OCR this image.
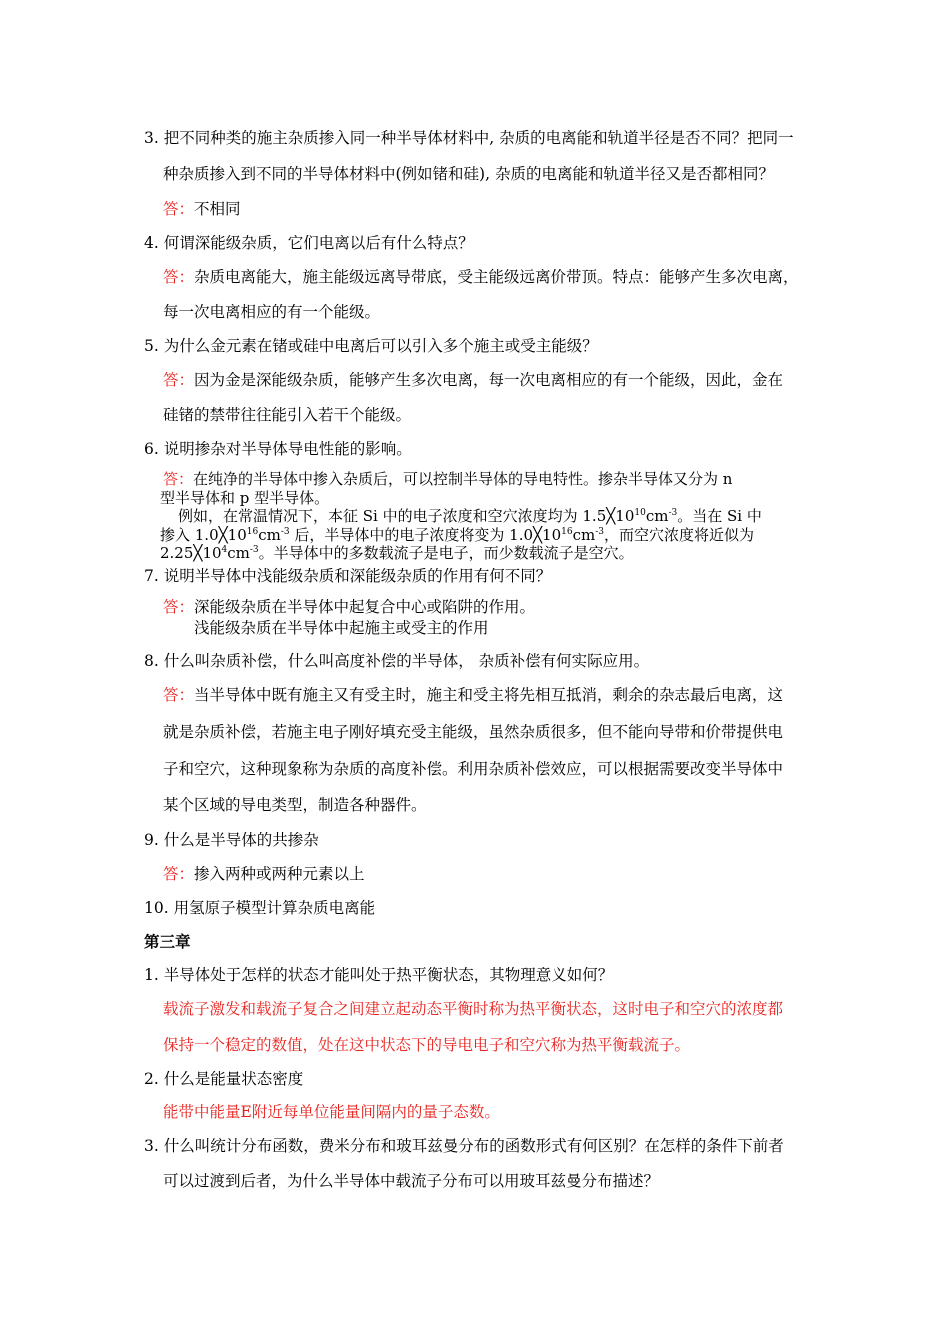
3. 把不同种类的施主杂质掺入同一种半导体材料中, 杂质的电离能和轨道半径是否不同？把同一
种杂质掺入到不同的半导体材料中(例如锗和硅), 杂质的电离能和轨道半径又是否都相同？
答：不相同
4. 何谓深能级杂质，它们电离以后有什么特点？
答：杂质电离能大，施主能级远离导带底，受主能级远离价带顶。特点：能够产生多次电离，
每一次电离相应的有一个能级。
5. 为什么金元素在锗或硅中电离后可以引入多个施主或受主能级？
答：因为金是深能级杂质，能够产生多次电离，每一次电离相应的有一个能级，因此，金在
硅锗的禁带往往能引入若干个能级。
6. 说明掺杂对半导体导电性能的影响。
答：在纯净的半导体中掺入杂质后，可以控制半导体的导电特性。掺杂半导体又分为 n
型半导体和 p 型半导体。
例如，在常温情况下，本征 Si 中的电子浓度和空穴浓度均为 $1.5╳10^{10}cm^{-3}$。当在 Si 中
掺入 $1.0╳10^{16}cm^{-3}$ 后，半导体中的电子浓度将变为 $1.0╳10^{16}cm^{-3}$，而空穴浓度将近似为
$2.25╳10^4cm^{-3}$。半导体中的多数载流子是电子，而少数载流子是空穴。
7. 说明半导体中浅能级杂质和深能级杂质的作用有何不同？
答：深能级杂质在半导体中起复合中心或陷阱的作用。
浅能级杂质在半导体中起施主或受主的作用
8. 什么叫杂质补偿，什么叫高度补偿的半导体， 杂质补偿有何实际应用。
答：当半导体中既有施主又有受主时，施主和受主将先相互抵消，剩余的杂志最后电离，这
就是杂质补偿，若施主电子刚好填充受主能级，虽然杂质很多，但不能向导带和价带提供电
子和空穴，这种现象称为杂质的高度补偿。利用杂质补偿效应，可以根据需要改变半导体中
某个区域的导电类型，制造各种器件。
9. 什么是半导体的共掺杂
答：掺入两种或两种元素以上
10. 用氢原子模型计算杂质电离能
第三章
1. 半导体处于怎样的状态才能叫处于热平衡状态，其物理意义如何？
载流子激发和载流子复合之间建立起动态平衡时称为热平衡状态，这时电子和空穴的浓度都
保持一个稳定的数值，处在这中状态下的导电电子和空穴称为热平衡载流子。
2. 什么是能量状态密度
能带中能量E附近每单位能量间隔内的量子态数。
3. 什么叫统计分布函数，费米分布和玻耳兹曼分布的函数形式有何区别？在怎样的条件下前者
可以过渡到后者，为什么半导体中载流子分布可以用玻耳兹曼分布描述？
